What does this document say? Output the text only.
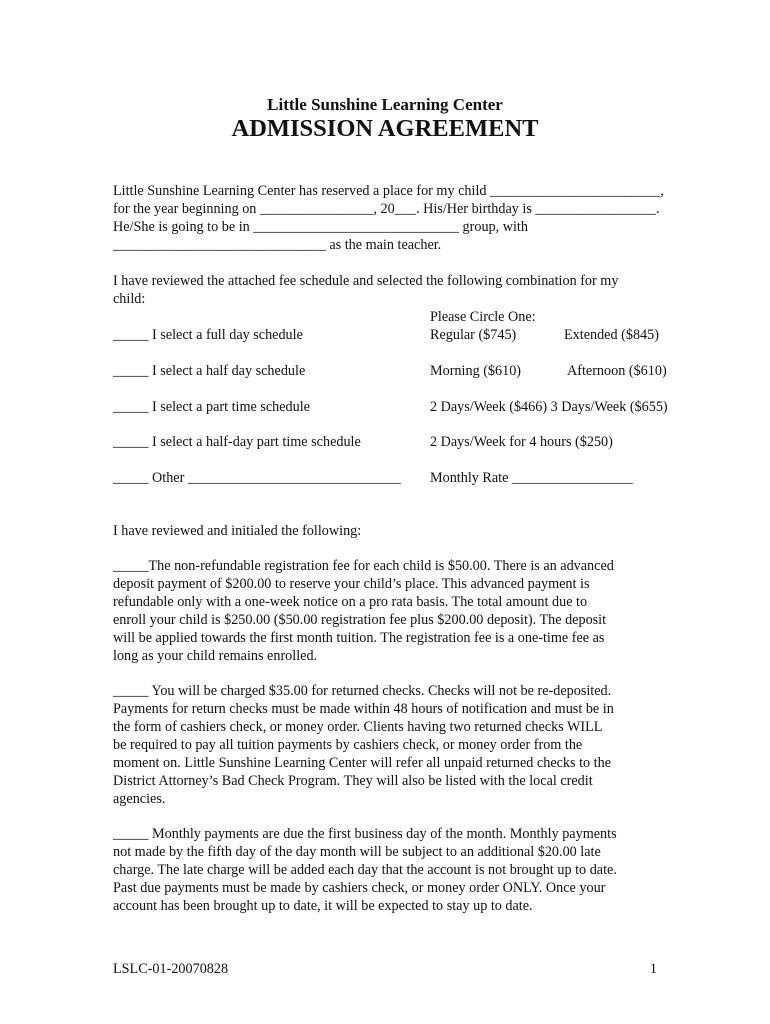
Little Sunshine Learning Center
ADMISSION AGREEMENT
Little Sunshine Learning Center has reserved a place for my child ________________________,
for the year beginning on ________________, 20___. His/Her birthday is _________________.
He/She is going to be in _____________________________ group, with
______________________________ as the main teacher.
I have reviewed the attached fee schedule and selected the following combination for my
child:
Please Circle One:
_____ I select a full day schedule	Regular ($745)	Extended ($845)
_____ I select a half day schedule	Morning ($610)	Afternoon ($610)
_____ I select a part time schedule	2 Days/Week ($466) 3 Days/Week ($655)
_____ I select a half-day part time schedule	2 Days/Week for 4 hours ($250)
_____ Other ______________________________ Monthly Rate _________________
I have reviewed and initialed the following:
_____The non-refundable registration fee for each child is $50.00. There is an advanced
deposit payment of $200.00 to reserve your child’s place. This advanced payment is
refundable only with a one-week notice on a pro rata basis. The total amount due to
enroll your child is $250.00 ($50.00 registration fee plus $200.00 deposit). The deposit
will be applied towards the first month tuition. The registration fee is a one-time fee as
long as your child remains enrolled.
_____ You will be charged $35.00 for returned checks. Checks will not be re-deposited.
Payments for return checks must be made within 48 hours of notification and must be in
the form of cashiers check, or money order. Clients having two returned checks WILL
be required to pay all tuition payments by cashiers check, or money order from the
moment on. Little Sunshine Learning Center will refer all unpaid returned checks to the
District Attorney’s Bad Check Program. They will also be listed with the local credit
agencies.
_____ Monthly payments are due the first business day of the month. Monthly payments
not made by the fifth day of the day month will be subject to an additional $20.00 late
charge. The late charge will be added each day that the account is not brought up to date.
Past due payments must be made by cashiers check, or money order ONLY. Once your
account has been brought up to date, it will be expected to stay up to date.
LSLC-01-20070828	1
